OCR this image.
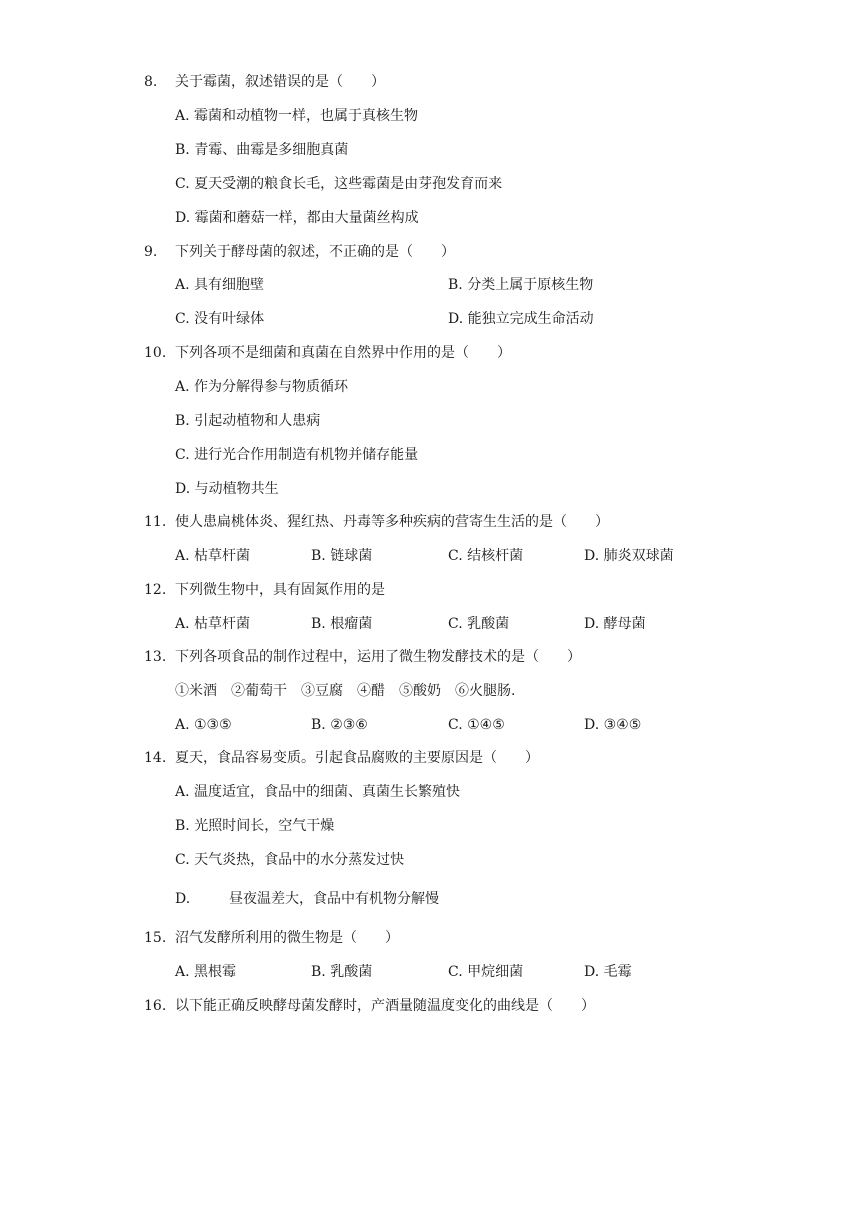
8. 关于霉菌，叙述错误的是（　　）
A. 霉菌和动植物一样，也属于真核生物
B. 青霉、曲霉是多细胞真菌
C. 夏天受潮的粮食长毛，这些霉菌是由芽孢发育而来
D. 霉菌和蘑菇一样，都由大量菌丝构成
9. 下列关于酵母菌的叙述，不正确的是（　　）
A. 具有细胞壁	B. 分类上属于原核生物
C. 没有叶绿体	D. 能独立完成生命活动
10. 下列各项不是细菌和真菌在自然界中作用的是（　　）
A. 作为分解得参与物质循环
B. 引起动植物和人患病
C. 进行光合作用制造有机物并储存能量
D. 与动植物共生
11. 使人患扁桃体炎、猩红热、丹毒等多种疾病的营寄生生活的是（　　）
A. 枯草杆菌	B. 链球菌	C. 结核杆菌	D. 肺炎双球菌
12. 下列微生物中，具有固氮作用的是
A. 枯草杆菌	B. 根瘤菌	C. 乳酸菌	D. 酵母菌
13. 下列各项食品的制作过程中，运用了微生物发酵技术的是（　　）
①米酒　②葡萄干　③豆腐　④醋　⑤酸奶　⑥火腿肠.
A. ①③⑤	B. ②③⑥	C. ①④⑤	D. ③④⑤
14. 夏天，食品容易变质。引起食品腐败的主要原因是（　　）
A. 温度适宜，食品中的细菌、真菌生长繁殖快
B. 光照时间长，空气干燥
C. 天气炎热，食品中的水分蒸发过快
D.	昼夜温差大，食品中有机物分解慢
15. 沼气发酵所利用的微生物是（　　）
A. 黑根霉	B. 乳酸菌	C. 甲烷细菌	D. 毛霉
16. 以下能正确反映酵母菌发酵时，产酒量随温度变化的曲线是（　　）
